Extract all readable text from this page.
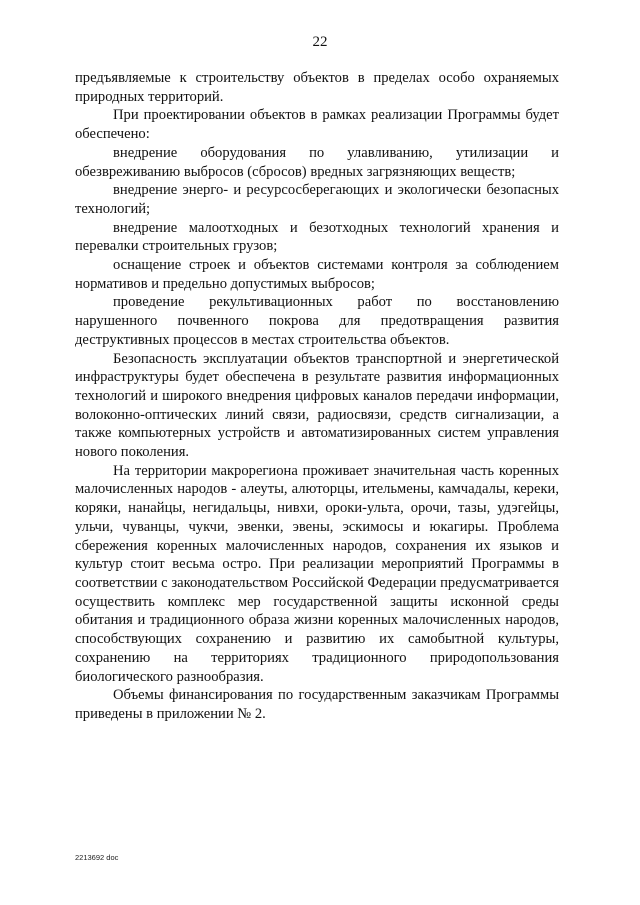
22

предъявляемые к строительству объектов в пределах особо охраняемых природных территорий.

При проектировании объектов в рамках реализации Программы будет обеспечено:

внедрение оборудования по улавливанию, утилизации и обезвреживанию выбросов (сбросов) вредных загрязняющих веществ;

внедрение энерго- и ресурсосберегающих и экологически безопасных технологий;

внедрение малоотходных и безотходных технологий хранения и перевалки строительных грузов;

оснащение строек и объектов системами контроля за соблюдением нормативов и предельно допустимых выбросов;

проведение рекультивационных работ по восстановлению нарушенного почвенного покрова для предотвращения развития деструктивных процессов в местах строительства объектов.

Безопасность эксплуатации объектов транспортной и энергетической инфраструктуры будет обеспечена в результате развития информационных технологий и широкого внедрения цифровых каналов передачи информации, волоконно-оптических линий связи, радиосвязи, средств сигнализации, а также компьютерных устройств и автоматизированных систем управления нового поколения.

На территории макрорегиона проживает значительная часть коренных малочисленных народов - алеуты, алюторцы, ительмены, камчадалы, кереки, коряки, нанайцы, негидальцы, нивхи, ороки-ульта, орочи, тазы, удэгейцы, ульчи, чуванцы, чукчи, эвенки, эвены, эскимосы и юкагиры. Проблема сбережения коренных малочисленных народов, сохранения их языков и культур стоит весьма остро. При реализации мероприятий Программы в соответствии с законодательством Российской Федерации предусматривается осуществить комплекс мер государственной защиты исконной среды обитания и традиционного образа жизни коренных малочисленных народов, способствующих сохранению и развитию их самобытной культуры, сохранению на территориях традиционного природопользования биологического разнообразия.

Объемы финансирования по государственным заказчикам Программы приведены в приложении № 2.

2213692 doc
